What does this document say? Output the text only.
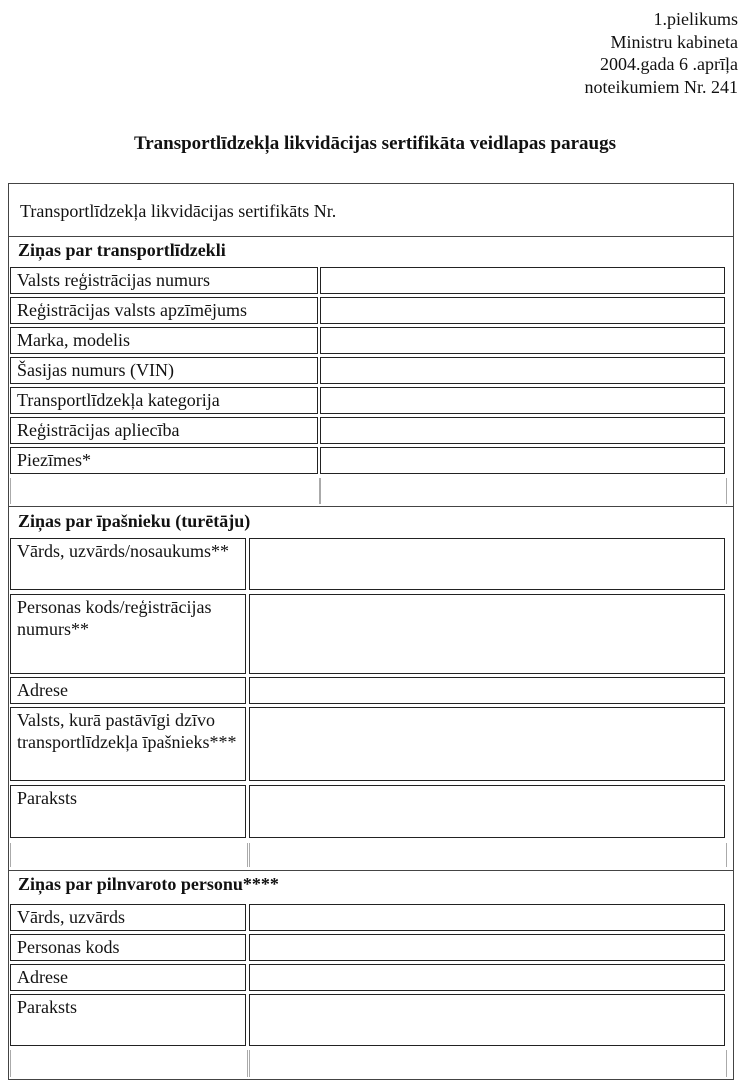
1.pielikums
Ministru kabineta
2004.gada 6 .aprīļa
noteikumiem Nr. 241
Transportlīdzekļa likvidācijas sertifikāta veidlapas paraugs
Transportlīdzekļa likvidācijas sertifikāts Nr.
Ziņas par transportlīdzekli
Valsts reģistrācijas numurs
Reģistrācijas valsts apzīmējums
Marka, modelis
Šasijas numurs (VIN)
Transportlīdzekļa kategorija
Reģistrācijas apliecība
Piezīmes*
Ziņas par īpašnieku (turētāju)
Vārds, uzvārds/nosaukums**
Personas kods/reģistrācijas numurs**
Adrese
Valsts, kurā pastāvīgi dzīvo transportlīdzekļa īpašnieks***
Paraksts
Ziņas par pilnvaroto personu****
Vārds, uzvārds
Personas kods
Adrese
Paraksts
